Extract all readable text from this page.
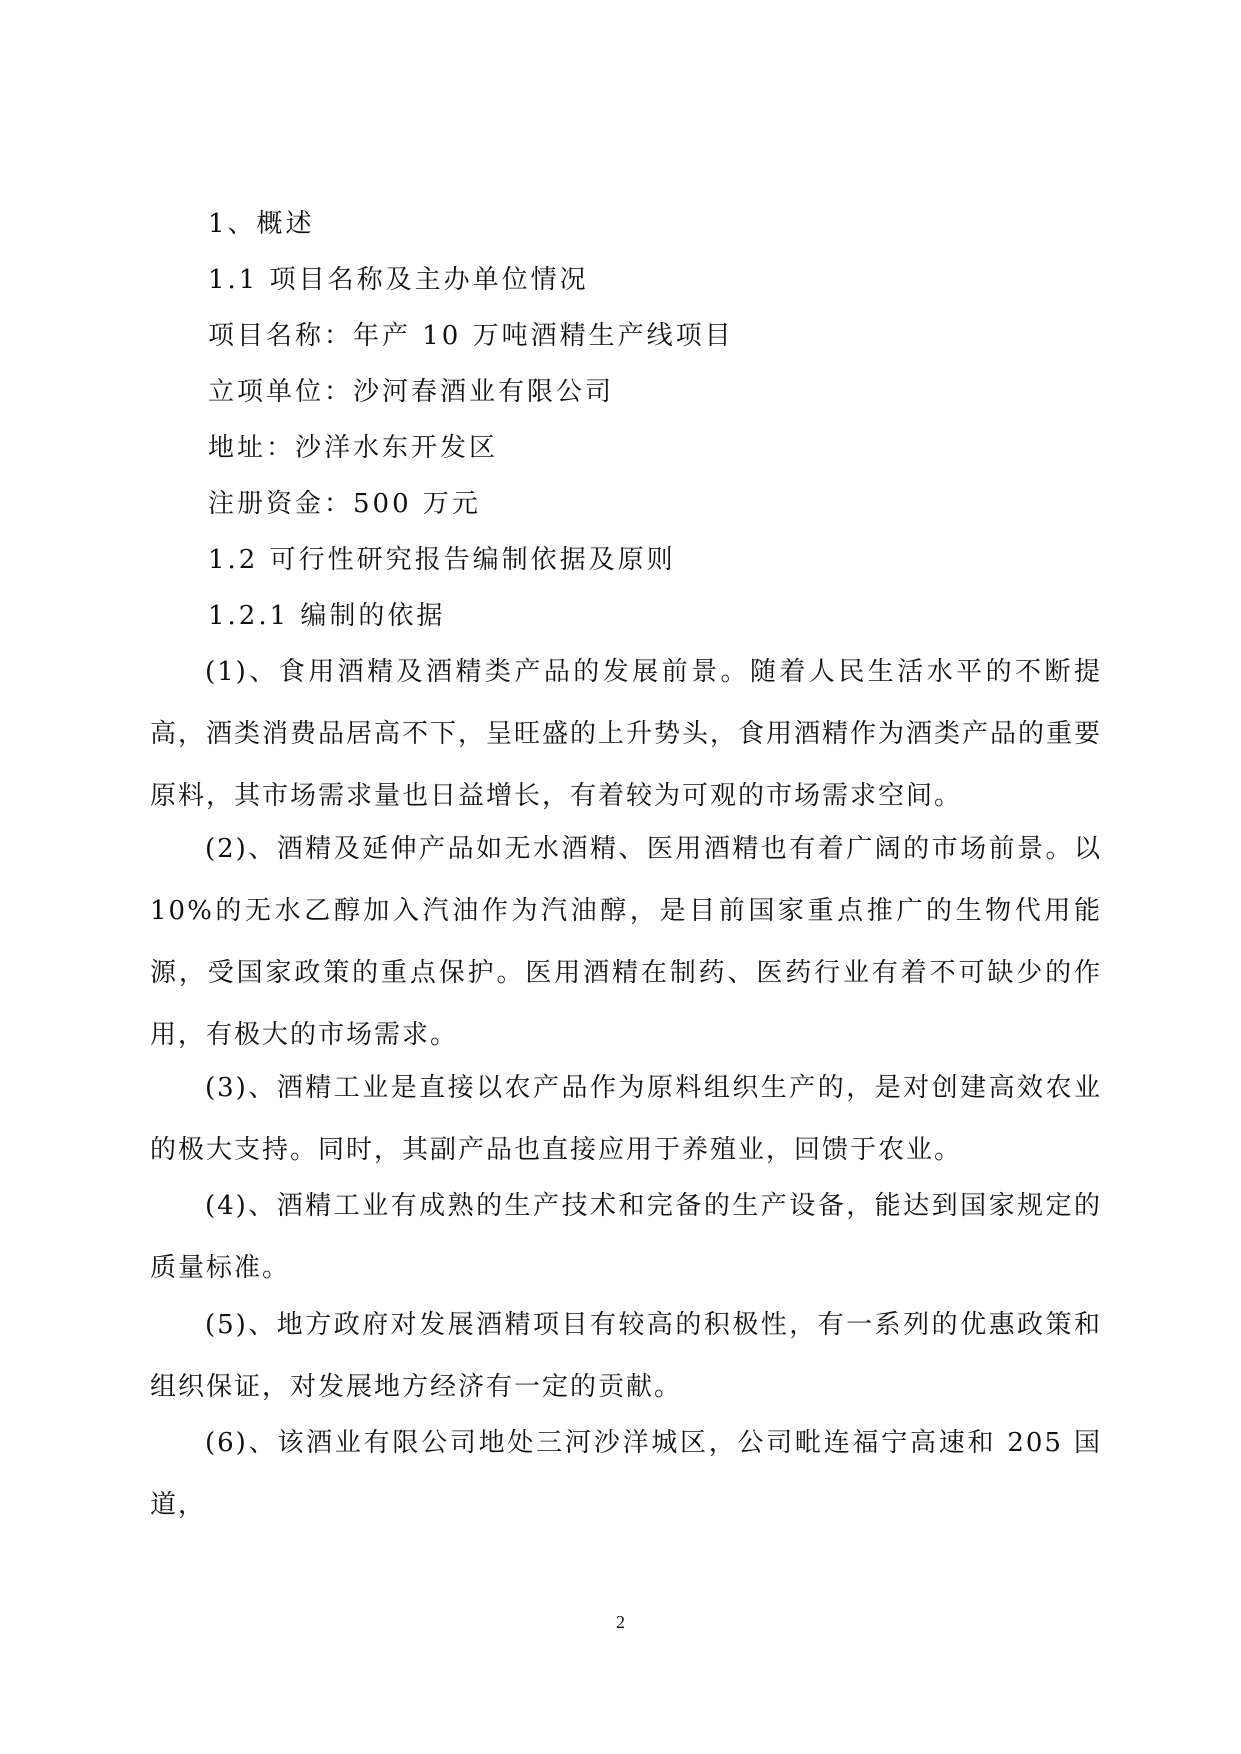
1、概述
1.1 项目名称及主办单位情况
项目名称：年产 10 万吨酒精生产线项目
立项单位：沙河春酒业有限公司
地址：沙洋水东开发区
注册资金：500 万元
1.2 可行性研究报告编制依据及原则
1.2.1 编制的依据
(1)、食用酒精及酒精类产品的发展前景。随着人民生活水平的不断提高，酒类消费品居高不下，呈旺盛的上升势头，食用酒精作为酒类产品的重要原料，其市场需求量也日益增长，有着较为可观的市场需求空间。
(2)、酒精及延伸产品如无水酒精、医用酒精也有着广阔的市场前景。以10%的无水乙醇加入汽油作为汽油醇，是目前国家重点推广的生物代用能源，受国家政策的重点保护。医用酒精在制药、医药行业有着不可缺少的作用，有极大的市场需求。
(3)、酒精工业是直接以农产品作为原料组织生产的，是对创建高效农业的极大支持。同时，其副产品也直接应用于养殖业，回馈于农业。
(4)、酒精工业有成熟的生产技术和完备的生产设备，能达到国家规定的质量标准。
(5)、地方政府对发展酒精项目有较高的积极性，有一系列的优惠政策和组织保证，对发展地方经济有一定的贡献。
(6)、该酒业有限公司地处三河沙洋城区，公司毗连福宁高速和 205 国道，
2
